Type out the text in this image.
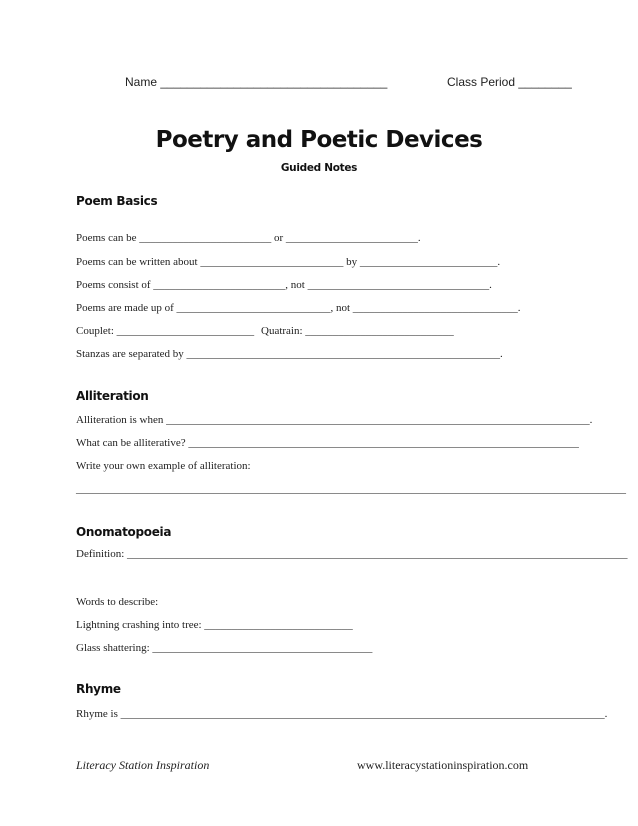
Name __________________________________	Class Period ________
Poetry and Poetic Devices
Guided Notes
Poem Basics
Poems can be ________________________ or ________________________.
Poems can be written about __________________________ by _________________________.
Poems consist of ________________________, not _________________________________.
Poems are made up of ____________________________, not ______________________________.
Couplet: _________________________ Quatrain: ___________________________
Stanzas are separated by _________________________________________________________.
Alliteration
Alliteration is when _____________________________________________________________________________.
What can be alliterative? _______________________________________________________________________
Write your own example of alliteration:
____________________________________________________________________________________________________
Onomatopoeia
Definition: ___________________________________________________________________________________________
Words to describe:
Lightning crashing into tree: ___________________________
Glass shattering: ________________________________________
Rhyme
Rhyme is ________________________________________________________________________________________.
Literacy Station Inspiration	www.literacystationinspiration.com
